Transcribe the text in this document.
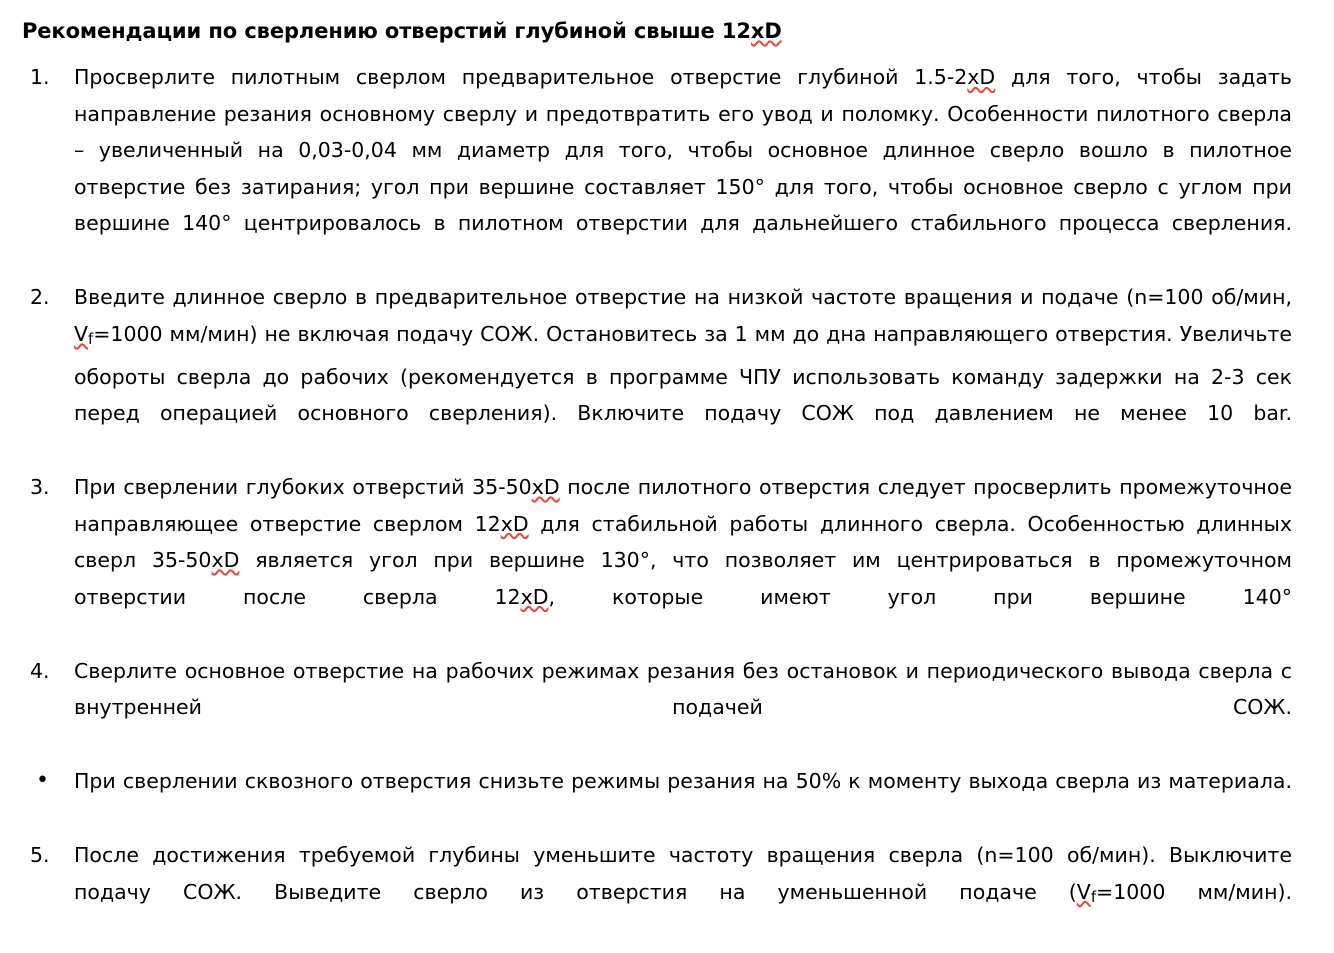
Рекомендации по сверлению отверстий глубиной свыше 12xD
1.	Просверлите пилотным сверлом предварительное отверстие глубиной 1.5-2xD для того, чтобы задать направление резания основному сверлу и предотвратить его увод и поломку. Особенности пилотного сверла – увеличенный на 0,03-0,04 мм диаметр для того, чтобы основное длинное сверло вошло в пилотное отверстие без затирания; угол при вершине составляет 150° для того, чтобы основное сверло с углом при вершине 140° центрировалось в пилотном отверстии для дальнейшего стабильного процесса сверления.

2.	Введите длинное сверло в предварительное отверстие на низкой частоте вращения и подаче (n=100 об/мин, $V_f=1000$ мм/мин) не включая подачу СОЖ. Остановитесь за 1 мм до дна направляющего отверстия. Увеличьте обороты сверла до рабочих (рекомендуется в программе ЧПУ использовать команду задержки на 2-3 сек перед операцией основного сверления). Включите подачу СОЖ под давлением не менее 10 bar.

3.	При сверлении глубоких отверстий 35-50xD после пилотного отверстия следует просверлить промежуточное направляющее отверстие сверлом 12xD для стабильной работы длинного сверла. Особенностью длинных сверл 35-50xD является угол при вершине 130°, что позволяет им центрироваться в промежуточном отверстии после сверла 12xD, которые имеют угол при вершине 140°

4.	Сверлите основное отверстие на рабочих режимах резания без остановок и периодического вывода сверла с внутренней подачей СОЖ.

•	При сверлении сквозного отверстия снизьте режимы резания на 50% к моменту выхода сверла из материала.

5.	После достижения требуемой глубины уменьшите частоту вращения сверла (n=100 об/мин). Выключите подачу СОЖ. Выведите сверло из отверстия на уменьшенной подаче ($V_f=1000$ мм/мин).
